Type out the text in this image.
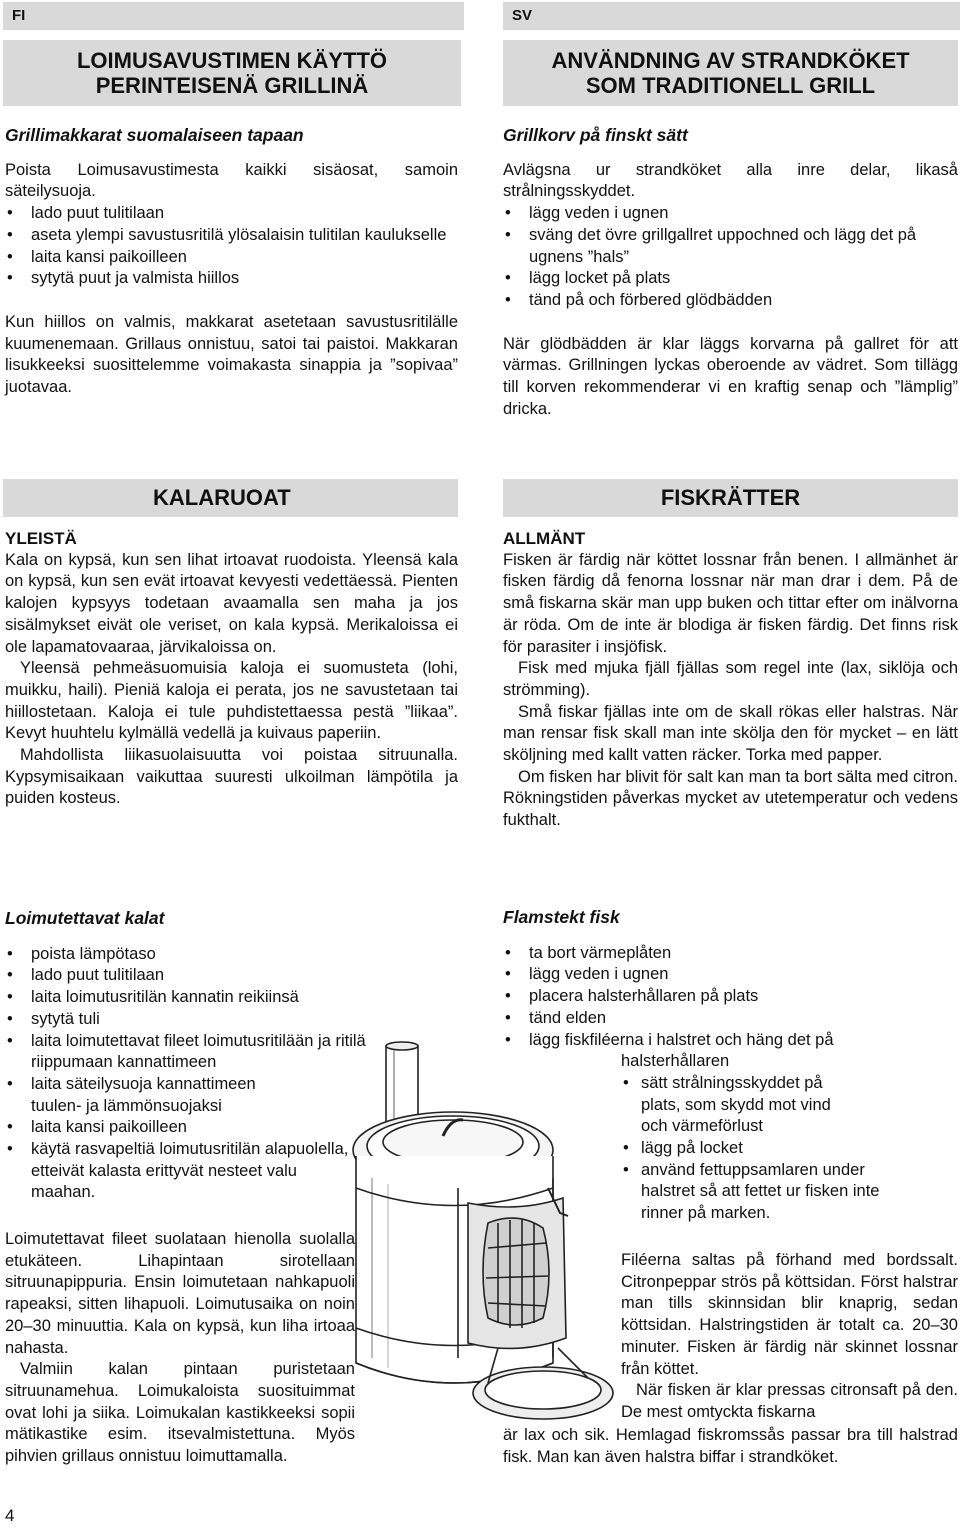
FI
LOIMUSAVUSTIMEN KÄYTTÖ
PERINTEISENÄ GRILLINÄ
Grillimakkarat suomalaiseen tapaan

Poista Loimusavustimesta kaikki sisäosat, samoin säteilysuoja.

• lado puut tulitilaan
• aseta ylempi savustusritilä ylösalaisin tulitilan kaulukselle
• laita kansi paikoilleen
• sytytä puut ja valmista hiillos

Kun hiillos on valmis, makkarat asetetaan savustusritilälle kuumenemaan. Grillaus onnistuu, satoi tai paistoi. Makkaran lisukkeeksi suosittelemme voimakasta sinappia ja ”sopivaa” juotavaa.

KALARUOAT
YLEISTÄ

Kala on kypsä, kun sen lihat irtoavat ruodoista. Yleensä kala on kypsä, kun sen evät irtoavat kevyesti vedettäessä. Pienten kalojen kypsyys todetaan avaamalla sen maha ja jos sisälmykset eivät ole veriset, on kala kypsä. Merikaloissa ei ole lapamatovaaraa, järvikaloissa on.

Yleensä pehmeäsuomuisia kaloja ei suomusteta (lohi, muikku, haili). Pieniä kaloja ei perata, jos ne savustetaan tai hiillostetaan. Kaloja ei tule puhdistettaessa pestä ”liikaa”. Kevyt huuhtelu kylmällä vedellä ja kuivaus paperiin.

Mahdollista liikasuolaisuutta voi poistaa sitruunalla. Kypsymisaikaan vaikuttaa suuresti ulkoilman lämpötila ja puiden kosteus.

Loimutettavat kalat
• poista lämpötaso
• lado puut tulitilaan
• laita loimutusritilän kannatin reikiinsä
• sytytä tuli
• laita loimutettavat fileet loimutusritilään ja ritilä riippumaan kannattimeen
• laita säteilysuoja kannattimeen tuulen- ja lämmönsuojaksi
• laita kansi paikoilleen
• käytä rasvapeltiä loimutusritilän alapuolella, etteivät kalasta erittyvät nesteet valu maahan.

Loimutettavat fileet suolataan hienolla suolalla etukäteen. Lihapintaan sirotellaan sitruunapippuria. Ensin loimutetaan nahkapuoli rapeaksi, sitten lihapuoli. Loimutusaika on noin 20–30 minuuttia. Kala on kypsä, kun liha irtoaa nahasta.

Valmiin kalan pintaan puristetaan sitruunamehua. Loimukaloista suosituimmat ovat lohi ja siika. Loimukalan kastikkeeksi sopii mätikastike esim. itsevalmistettuna. Myös pihvien grillaus onnistuu loimuttamalla.

4
SV
ANVÄNDNING AV STRANDKÖKET
SOM TRADITIONELL GRILL
Grillkorv på finskt sätt

Avlägsna ur strandköket alla inre delar, likaså strålningsskyddet.

• lägg veden i ugnen
• sväng det övre grillgallret uppochned och lägg det på ugnens ”hals”
• lägg locket på plats
• tänd på och förbered glödbädden

När glödbädden är klar läggs korvarna på gallret för att värmas. Grillningen lyckas oberoende av vädret. Som tillägg till korven rekommenderar vi en kraftig senap och ”lämplig” dricka.

FISKRÄTTER
ALLMÄNT

Fisken är färdig när köttet lossnar från benen. I allmänhet är fisken färdig då fenorna lossnar när man drar i dem. På de små fiskarna skär man upp buken och tittar efter om inälvorna är röda. Om de inte är blodiga är fisken färdig. Det finns risk för parasiter i insjöfisk.

Fisk med mjuka fjäll fjällas som regel inte (lax, siklöja och strömming).

Små fiskar fjällas inte om de skall rökas eller halstras. När man rensar fisk skall man inte skölja den för mycket – en lätt sköljning med kallt vatten räcker. Torka med papper.

Om fisken har blivit för salt kan man ta bort sälta med citron. Rökningstiden påverkas mycket av utetemperatur och vedens fukthalt.

Flamstekt fisk
• ta bort värmeplåten
• lägg veden i ugnen
• placera halsterhållaren på plats
• tänd elden
• lägg fiskfiléerna i halstret och häng det på
halsterhållaren
• sätt strålningsskyddet på plats, som skydd mot vind och värmeförlust
• lägg på locket
• använd fettuppsamlaren under halstret så att fettet ur fisken inte rinner på marken.

Filéerna saltas på förhand med bordssalt. Citronpeppar strös på köttsidan. Först halstrar man tills skinnsidan blir knaprig, sedan köttsidan. Halstringstiden är totalt ca. 20–30 minuter. Fisken är färdig när skinnet lossnar från köttet.

När fisken är klar pressas citronsaft på den. De mest omtyckta fiskarna

är lax och sik. Hemlagad fiskromssås passar bra till halstrad fisk. Man kan även halstra biffar i strandköket.
